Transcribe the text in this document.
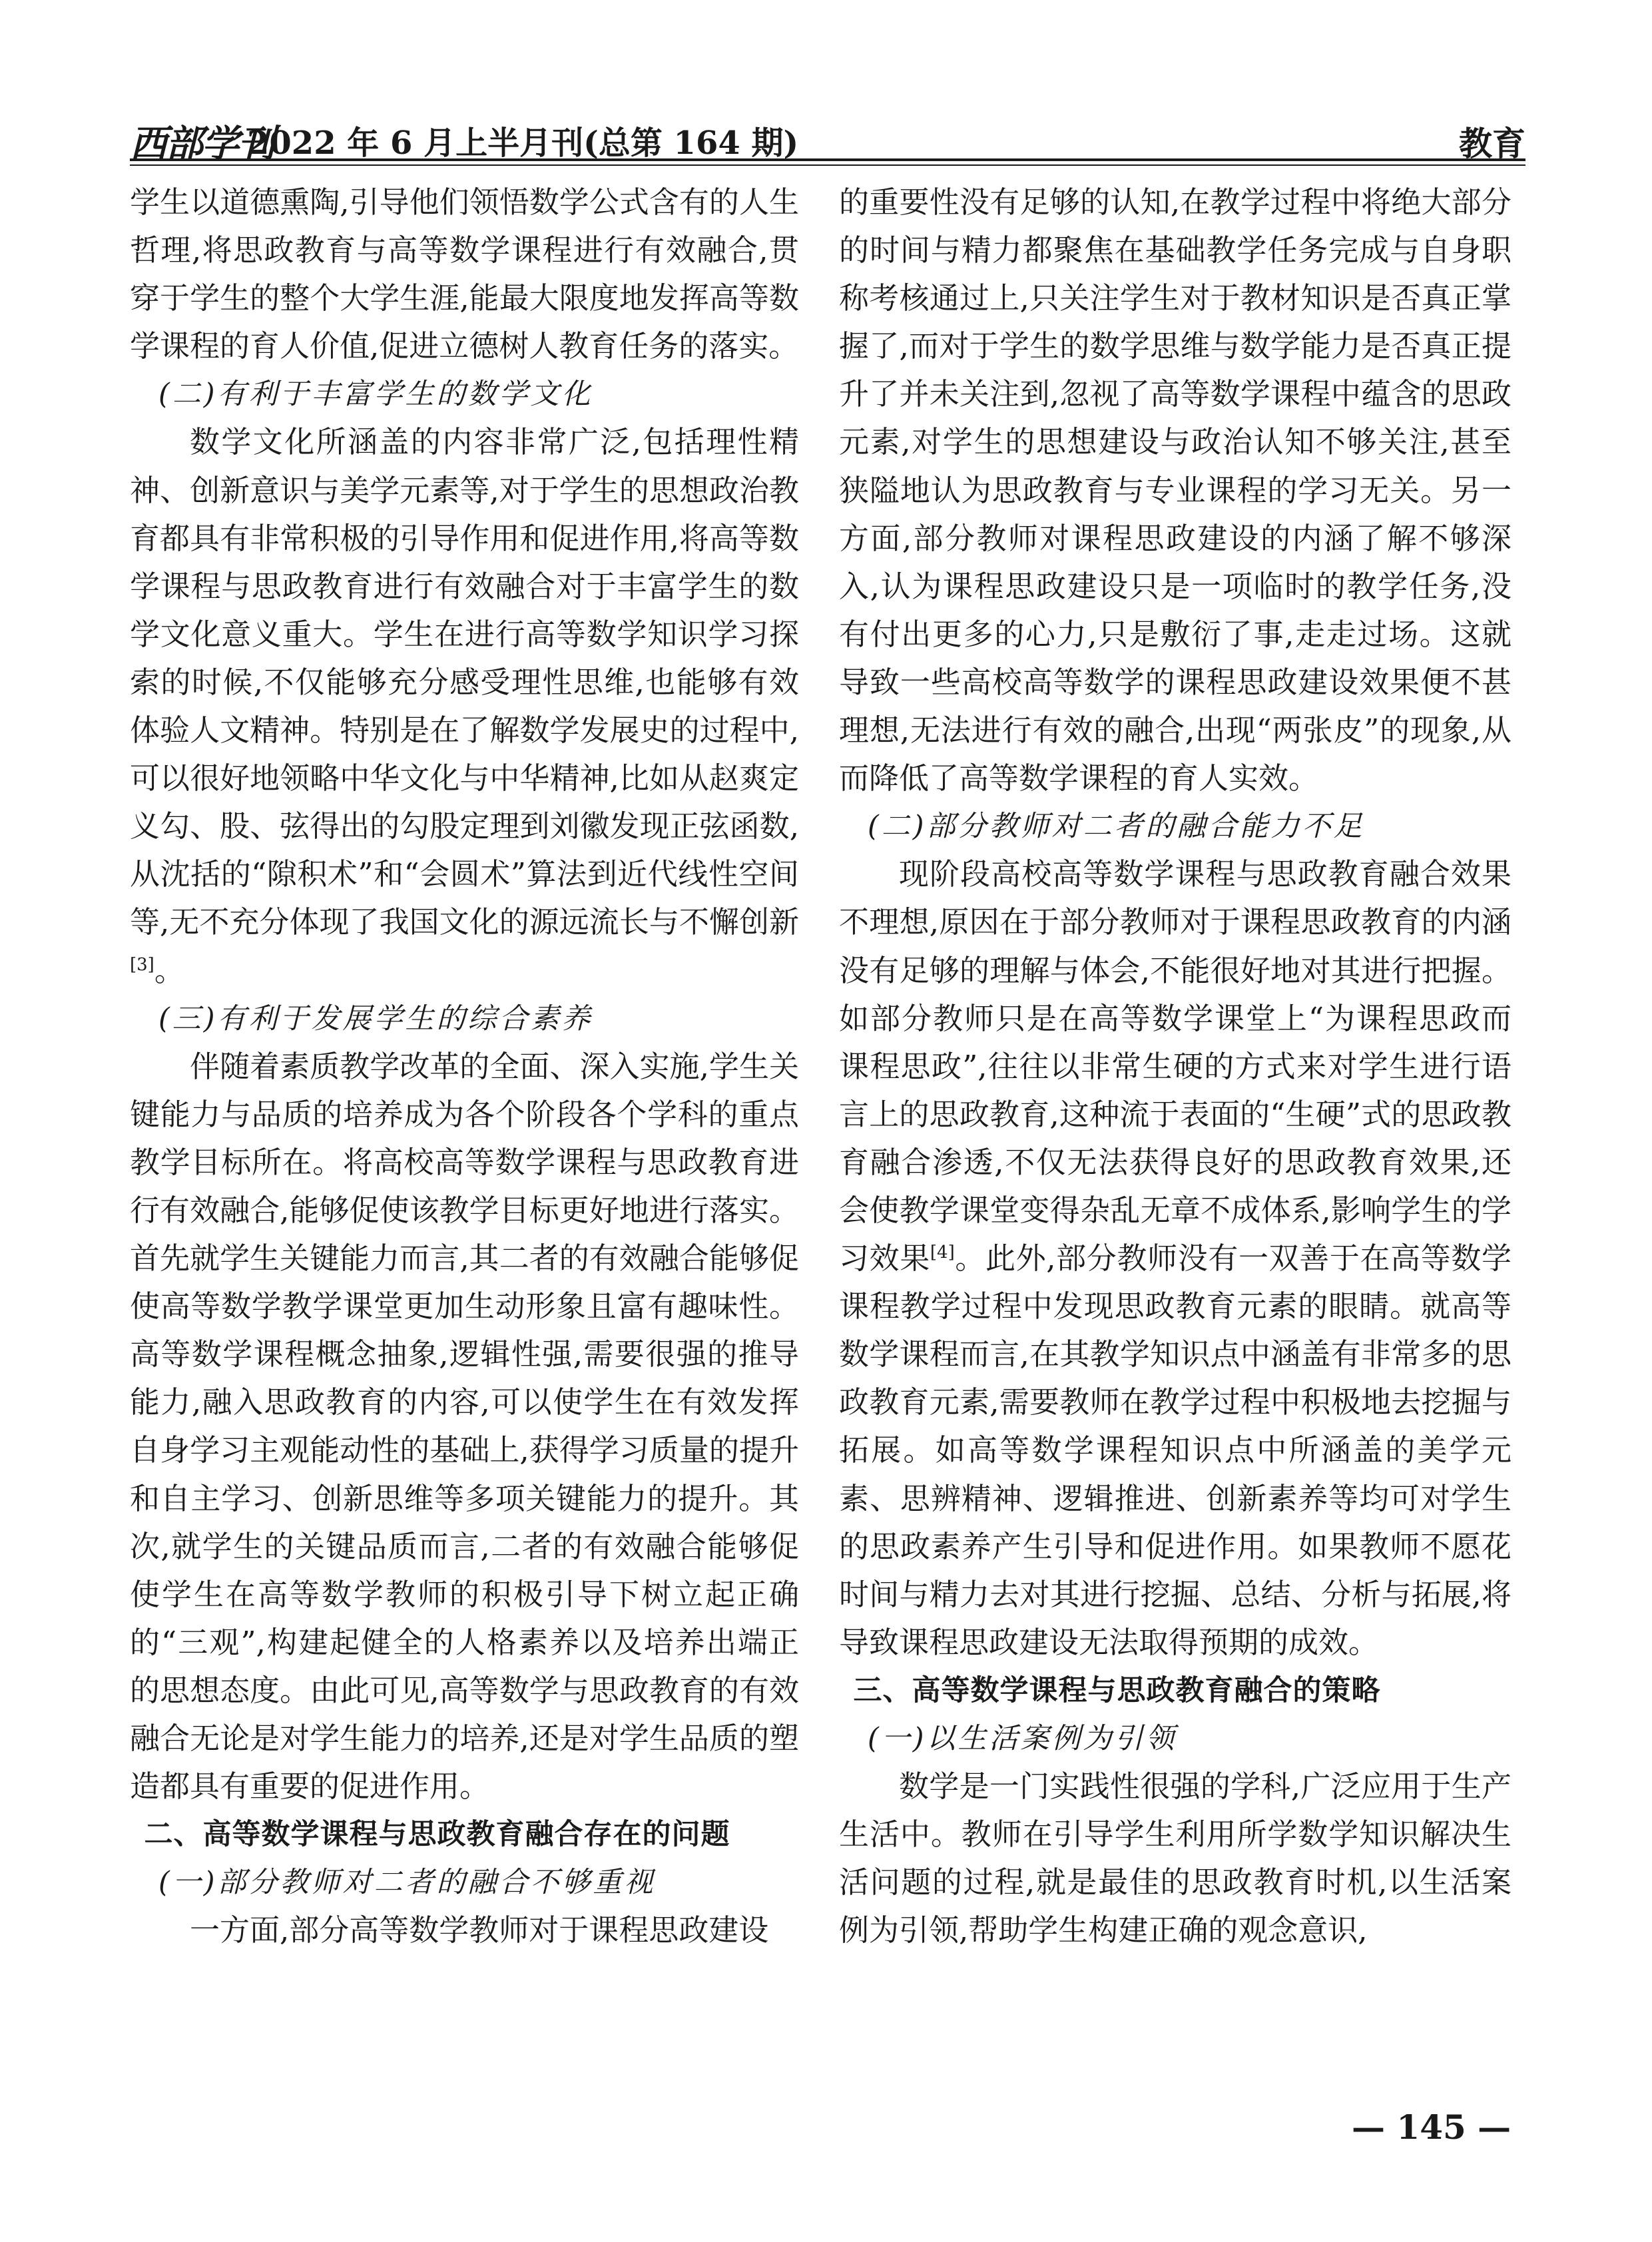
西部学刊
2022 年 6 月上半月刊(总第 164 期)	教育

学生以道德熏陶,引导他们领悟数学公式含有的人生哲理,将思政教育与高等数学课程进行有效融合,贯穿于学生的整个大学生涯,能最大限度地发挥高等数学课程的育人价值,促进立德树人教育任务的落实。

(二)有利于丰富学生的数学文化

数学文化所涵盖的内容非常广泛,包括理性精神、创新意识与美学元素等,对于学生的思想政治教育都具有非常积极的引导作用和促进作用,将高等数学课程与思政教育进行有效融合对于丰富学生的数学文化意义重大。学生在进行高等数学知识学习探索的时候,不仅能够充分感受理性思维,也能够有效体验人文精神。特别是在了解数学发展史的过程中,可以很好地领略中华文化与中华精神,比如从赵爽定义勾、股、弦得出的勾股定理到刘徽发现正弦函数,从沈括的“隙积术”和“会圆术”算法到近代线性空间等,无不充分体现了我国文化的源远流长与不懈创新[3]。

(三)有利于发展学生的综合素养

伴随着素质教学改革的全面、深入实施,学生关键能力与品质的培养成为各个阶段各个学科的重点教学目标所在。将高校高等数学课程与思政教育进行有效融合,能够促使该教学目标更好地进行落实。首先就学生关键能力而言,其二者的有效融合能够促使高等数学教学课堂更加生动形象且富有趣味性。高等数学课程概念抽象,逻辑性强,需要很强的推导能力,融入思政教育的内容,可以使学生在有效发挥自身学习主观能动性的基础上,获得学习质量的提升和自主学习、创新思维等多项关键能力的提升。其次,就学生的关键品质而言,二者的有效融合能够促使学生在高等数学教师的积极引导下树立起正确的“三观”,构建起健全的人格素养以及培养出端正的思想态度。由此可见,高等数学与思政教育的有效融合无论是对学生能力的培养,还是对学生品质的塑造都具有重要的促进作用。

二、高等数学课程与思政教育融合存在的问题

(一)部分教师对二者的融合不够重视

一方面,部分高等数学教师对于课程思政建设

的重要性没有足够的认知,在教学过程中将绝大部分的时间与精力都聚焦在基础教学任务完成与自身职称考核通过上,只关注学生对于教材知识是否真正掌握了,而对于学生的数学思维与数学能力是否真正提升了并未关注到,忽视了高等数学课程中蕴含的思政元素,对学生的思想建设与政治认知不够关注,甚至狭隘地认为思政教育与专业课程的学习无关。另一方面,部分教师对课程思政建设的内涵了解不够深入,认为课程思政建设只是一项临时的教学任务,没有付出更多的心力,只是敷衍了事,走走过场。这就导致一些高校高等数学的课程思政建设效果便不甚理想,无法进行有效的融合,出现“两张皮”的现象,从而降低了高等数学课程的育人实效。

(二)部分教师对二者的融合能力不足

现阶段高校高等数学课程与思政教育融合效果不理想,原因在于部分教师对于课程思政教育的内涵没有足够的理解与体会,不能很好地对其进行把握。如部分教师只是在高等数学课堂上“为课程思政而课程思政”,往往以非常生硬的方式来对学生进行语言上的思政教育,这种流于表面的“生硬”式的思政教育融合渗透,不仅无法获得良好的思政教育效果,还会使教学课堂变得杂乱无章不成体系,影响学生的学习效果[4]。此外,部分教师没有一双善于在高等数学课程教学过程中发现思政教育元素的眼睛。就高等数学课程而言,在其教学知识点中涵盖有非常多的思政教育元素,需要教师在教学过程中积极地去挖掘与拓展。如高等数学课程知识点中所涵盖的美学元素、思辨精神、逻辑推进、创新素养等均可对学生的思政素养产生引导和促进作用。如果教师不愿花时间与精力去对其进行挖掘、总结、分析与拓展,将导致课程思政建设无法取得预期的成效。

三、高等数学课程与思政教育融合的策略

(一)以生活案例为引领

数学是一门实践性很强的学科,广泛应用于生产生活中。教师在引导学生利用所学数学知识解决生活问题的过程,就是最佳的思政教育时机,以生活案例为引领,帮助学生构建正确的观念意识,

— 145 —
